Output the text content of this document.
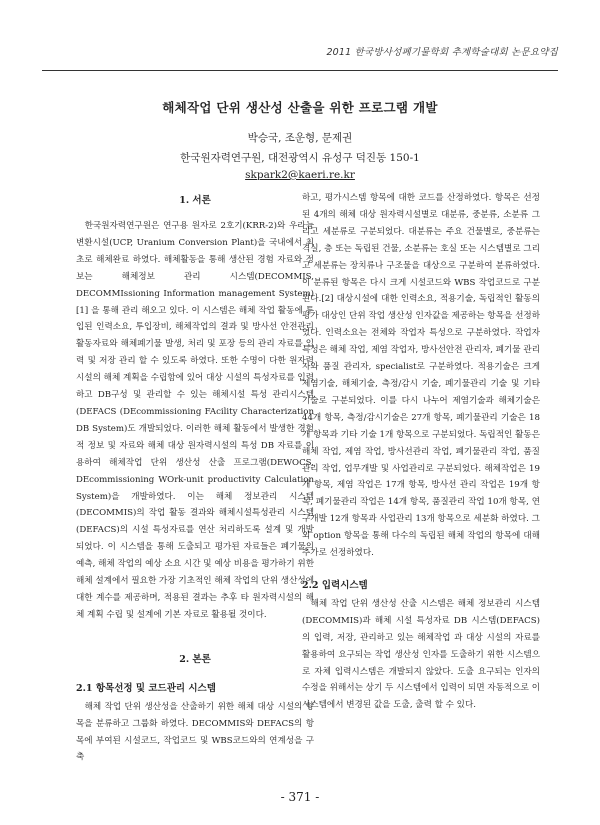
2011 한국방사성폐기물학회 추계학술대회 논문요약집
해체작업 단위 생산성 산출을 위한 프로그램 개발
박승국, 조운형, 문제권
한국원자력연구원, 대전광역시 유성구 덕진동 150-1
skpark2@kaeri.re.kr
1. 서론

한국원자력연구원은 연구용 원자로 2호기(KRR-2)와 우라늄 변환시설(UCP, Uranium Conversion Plant)을 국내에서 최초로 해체완료 하였다. 해체활동을 통해 생산된 경험 자료와 정보는 해체정보 관리 시스템(DECOMMIS, DECOMMIssioning Information management System)[1] 을 통해 관리 해오고 있다. 이 시스템은 해체 작업 활동에 투입된 인력소요, 투입장비, 해체작업의 결과 및 방사선 안전관리 활동자료와 해체폐기물 발생, 처리 및 포장 등의 관리 자료를 입력 및 저장 관리 할 수 있도록 하였다. 또한 수명이 다한 원자력시설의 해체 계획을 수립함에 있어 대상 시설의 특성자료를 입력하고 DB구성 및 관리할 수 있는 해체시설 특성 관리시스템(DEFACS (DEcommissioning FAcility Characterization DB System)도 개발되었다. 이러한 해체 활동에서 발생한 경험적 정보 및 자료와 해체 대상 원자력시설의 특성 DB 자료를 이용하여 해체작업 단위 생산성 산출 프로그램(DEWOCS, DEcommissioning WOrk-unit productivity Calculation System)을 개발하였다. 이는 해체 정보관리 시스템(DECOMMIS)의 작업 활동 결과와 해체시설특성관리 시스템(DEFACS)의 시설 특성자료를 연산 처리하도록 설계 및 개발 되었다. 이 시스템을 통해 도출되고 평가된 자료들은 폐기물의 예측, 해체 작업의 예상 소요 시간 및 예상 비용을 평가하기 위한 해체 설계에서 필요한 가장 기초적인 해체 작업의 단위 생산성에 대한 계수를 제공하며, 적용된 결과는 추후 타 원자력시설의 해체 계획 수립 및 설계에 기본 자료로 활용될 것이다.

2. 본론
2.1 항목선정 및 코드관리 시스템

해체 작업 단위 생산성을 산출하기 위한 해체 대상 시설의 항목을 분류하고 그룹화 하였다. DECOMMIS와 DEFACS의 항목에 부여된 시설코드, 작업코드 및 WBS코드와의 연계성을 구축

하고, 평가시스템 항목에 대한 코드를 산정하였다. 항목은 선정된 4개의 해체 대상 원자력시설별로 대분류, 중분류, 소분류 그리고 세분류로 구분되었다. 대분류는 주요 건물별로, 중분류는 격실, 층 또는 독립된 건물, 소분류는 호실 또는 시스템별로 그리고 세분류는 장치류나 구조물을 대상으로 구분하여 분류하였다. 이 분류된 항목은 다시 크게 시설코드와 WBS 작업코드로 구분된다.[2] 대상시설에 대한 인력소요, 적용기술, 독립적인 활동의 평가 대상인 단위 작업 생산성 인자값을 제공하는 항목을 선정하였다. 인력소요는 전체와 작업자 특성으로 구분하였다. 작업자 특성은 해체 작업, 제염 작업자, 방사선안전 관리자, 폐기물 관리자와 품질 관리자, specialist로 구분하였다. 적용기술은 크게 제염기술, 해체기술, 측정/감시 기술, 폐기물관리 기술 및 기타 기술로 구분되었다. 이를 다시 나누어 제염기술과 해체기술은 44개 항목, 측정/감시기술은 27개 항목, 폐기물관리 기술은 18개 항목과 기타 기술 1개 항목으로 구분되었다. 독립적인 활동은 해체 작업, 제염 작업, 방사선관리 작업, 폐기물관리 작업, 품질관리 작업, 업무개발 및 사업관리로 구분되었다. 해체작업은 19개 항목, 제염 작업은 17개 항목, 방사선 관리 작업은 19개 항목, 폐기물관리 작업은 14개 항목, 품질관리 작업 10개 항목, 연구개발 12개 항목과 사업관리 13개 항목으로 세분화 하였다. 그 외 option 항목을 통해 다수의 독립된 해체 작업의 항목에 대해 추가로 선정하였다.

2.2 입력시스템

해체 작업 단위 생산성 산출 시스템은 해체 정보관리 시스템(DECOMMIS)과 해체 시설 특성자료 DB 시스템(DEFACS)의 입력, 저장, 관리하고 있는 해체작업 과 대상 시설의 자료를 활용하여 요구되는 작업 생산성 인자를 도출하기 위한 시스템으로 자체 입력시스템은 개발되지 않았다. 도출 요구되는 인자의 수정을 위해서는 상기 두 시스템에서 입력이 되면 자동적으로 이 시스템에서 변경된 값을 도출, 출력 할 수 있다.

- 371 -
